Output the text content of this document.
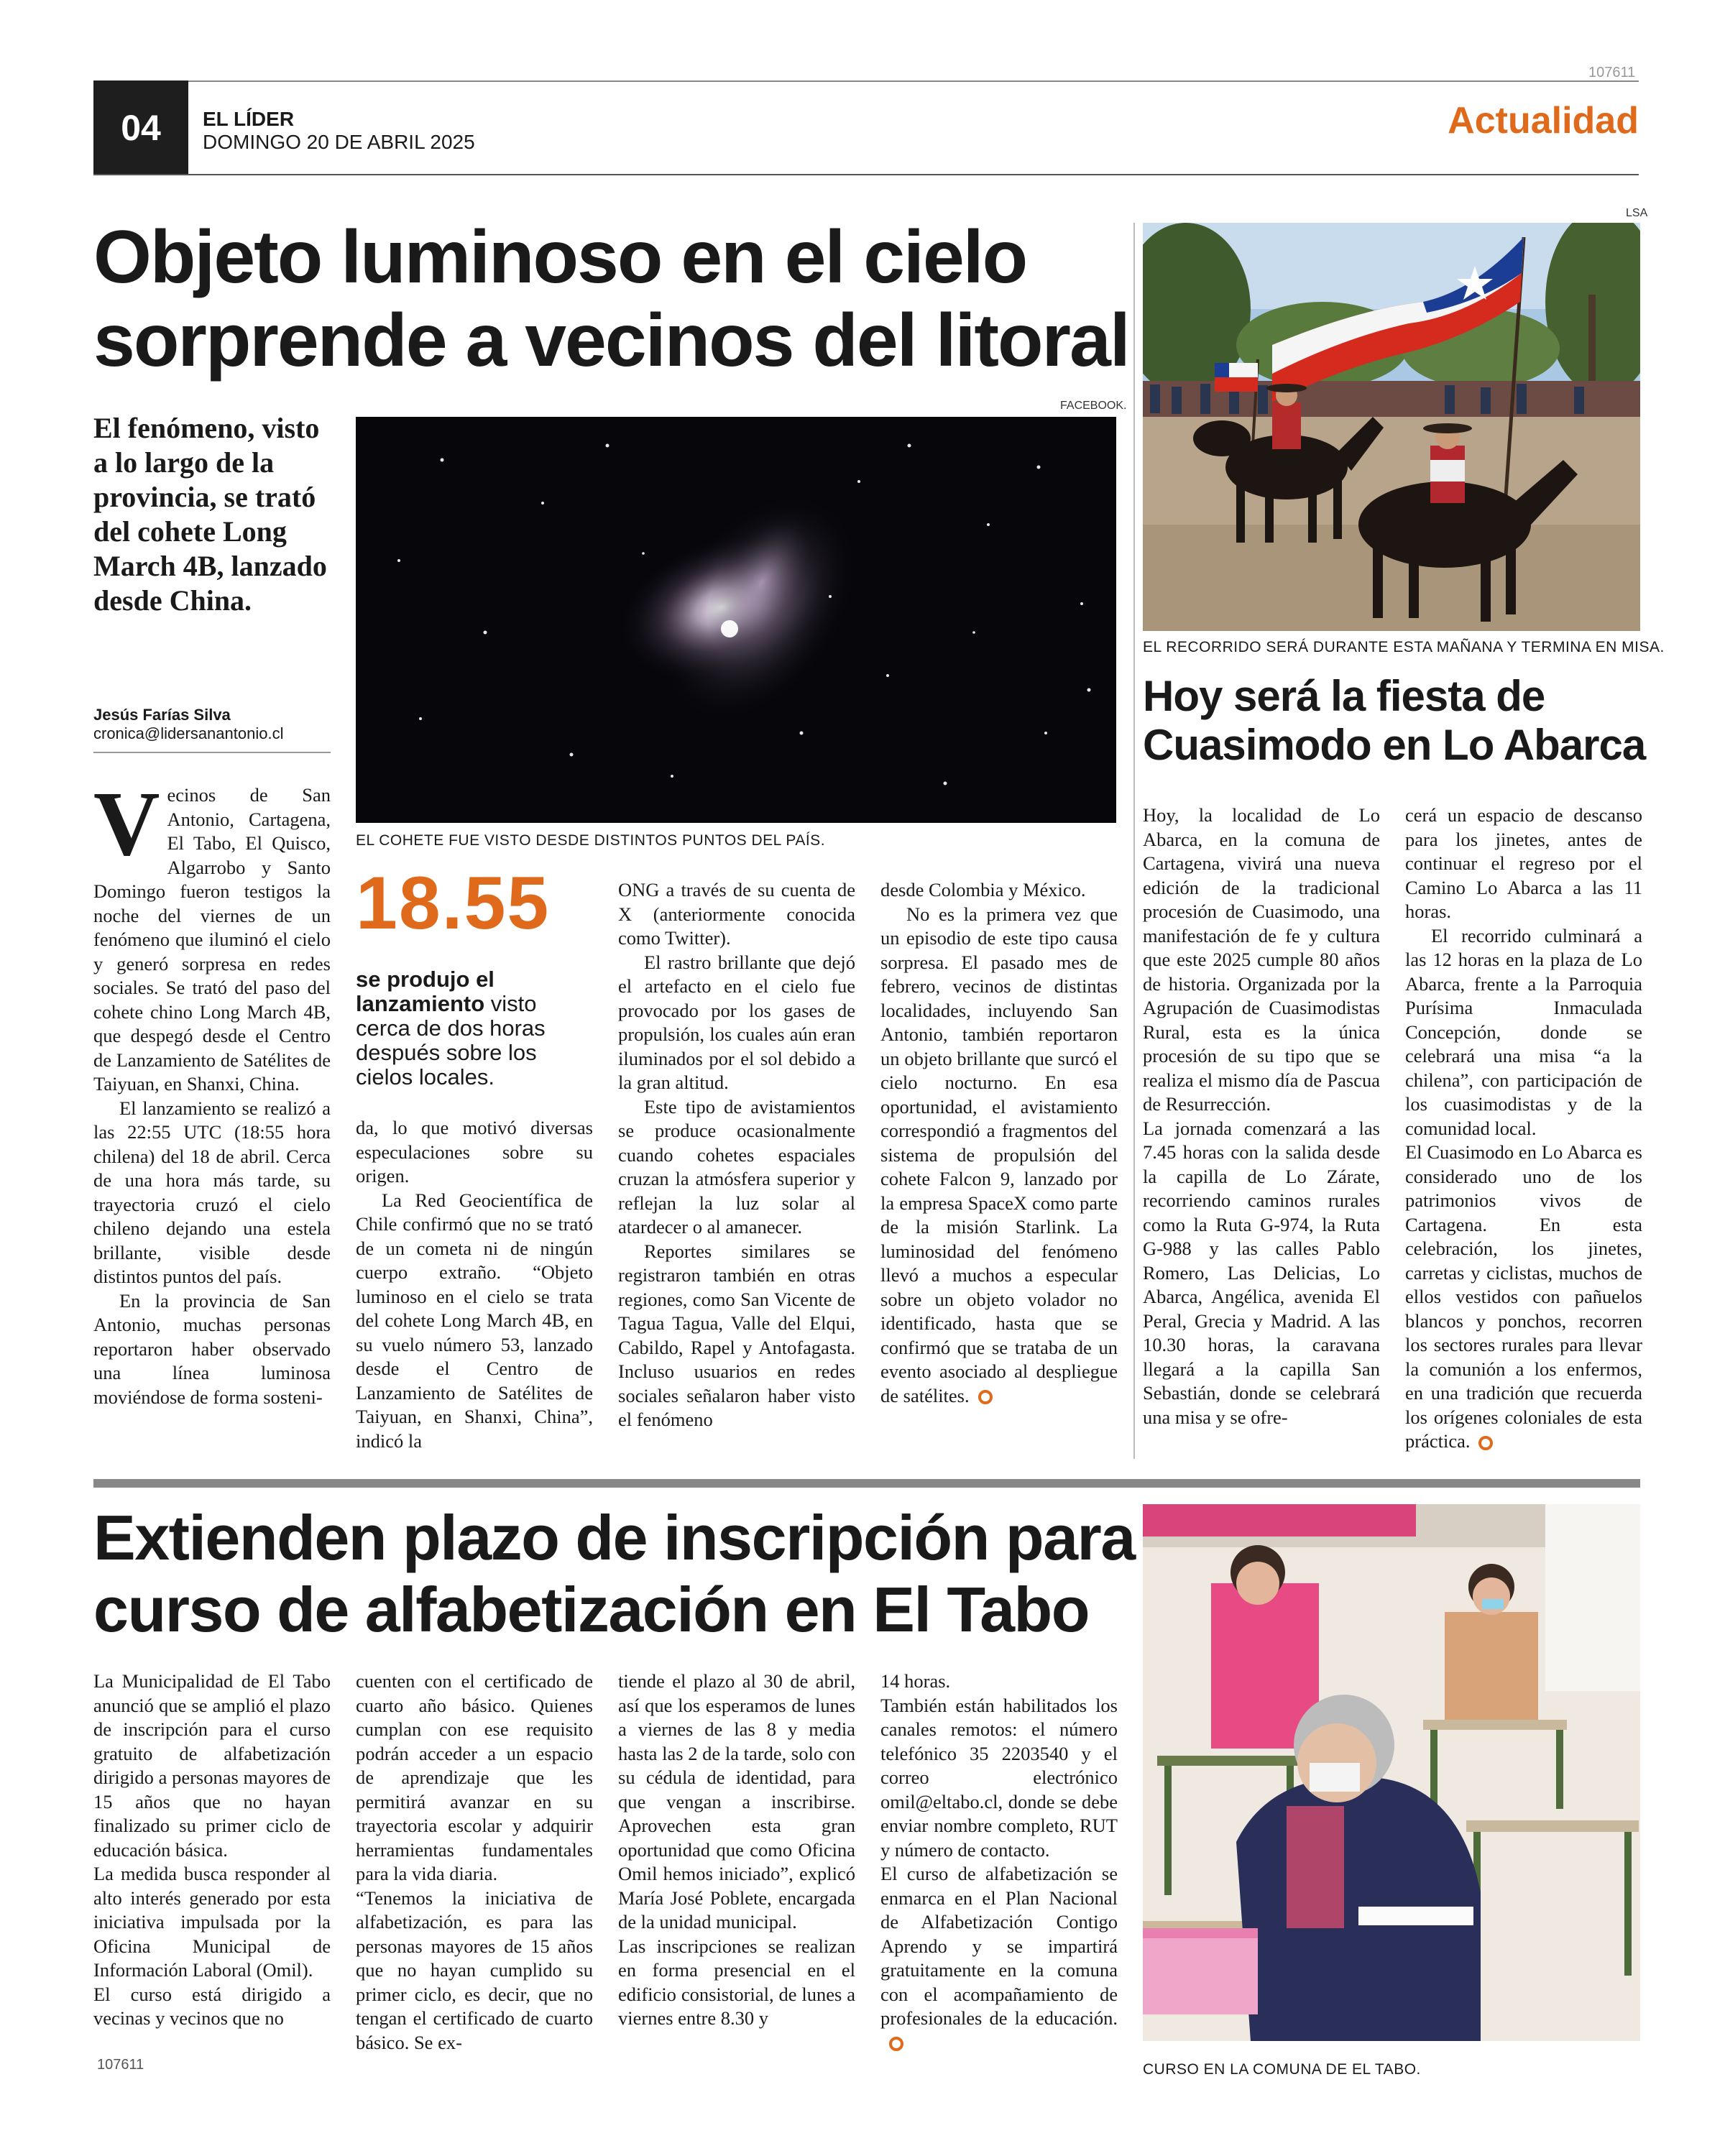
107611
04	EL LÍDER
DOMINGO 20 DE ABRIL 2025
Actualidad
Objeto luminoso en el cielo
sorprende a vecinos del litoral
El fenómeno, visto a lo largo de la provincia, se trató del cohete Long March 4B, lanzado desde China.
Jesús Farías Silva
cronica@lidersanantonio.cl
FACEBOOK.
EL COHETE FUE VISTO DESDE DISTINTOS PUNTOS DEL PAÍS.

Vecinos de San Antonio, Cartagena, El Tabo, El Quisco, Algarrobo y Santo Domingo fueron testigos la noche del viernes de un fenómeno que iluminó el cielo y generó sorpresa en redes sociales. Se trató del paso del cohete chino Long March 4B, que despegó desde el Centro de Lanzamiento de Satélites de Taiyuan, en Shanxi, China.

El lanzamiento se realizó a las 22:55 UTC (18:55 hora chilena) del 18 de abril. Cerca de una hora más tarde, su trayectoria cruzó el cielo chileno dejando una estela brillante, visible desde distintos puntos del país.

En la provincia de San Antonio, muchas personas reportaron haber observado una línea luminosa moviéndose de forma sosteni-

18.55
se produjo el lanzamiento visto cerca de dos horas después sobre los cielos locales.

da, lo que motivó diversas especulaciones sobre su origen.

La Red Geocientífica de Chile confirmó que no se trató de un cometa ni de ningún cuerpo extraño. “Objeto luminoso en el cielo se trata del cohete Long March 4B, en su vuelo número 53, lanzado desde el Centro de Lanzamiento de Satélites de Taiyuan, en Shanxi, China”, indicó la

ONG a través de su cuenta de X (anteriormente conocida como Twitter).

El rastro brillante que dejó el artefacto en el cielo fue provocado por los gases de propulsión, los cuales aún eran iluminados por el sol debido a la gran altitud.

Este tipo de avistamientos se produce ocasionalmente cuando cohetes espaciales cruzan la atmósfera superior y reflejan la luz solar al atardecer o al amanecer.

Reportes similares se registraron también en otras regiones, como San Vicente de Tagua Tagua, Valle del Elqui, Cabildo, Rapel y Antofagasta. Incluso usuarios en redes sociales señalaron haber visto el fenómeno

desde Colombia y México.

No es la primera vez que un episodio de este tipo causa sorpresa. El pasado mes de febrero, vecinos de distintas localidades, incluyendo San Antonio, también reportaron un objeto brillante que surcó el cielo nocturno. En esa oportunidad, el avistamiento correspondió a fragmentos del sistema de propulsión del cohete Falcon 9, lanzado por la empresa SpaceX como parte de la misión Starlink. La luminosidad del fenómeno llevó a muchos a especular sobre un objeto volador no identificado, hasta que se confirmó que se trataba de un evento asociado al despliegue de satélites.

LSA
EL RECORRIDO SERÁ DURANTE ESTA MAÑANA Y TERMINA EN MISA.
Hoy será la fiesta de
Cuasimodo en Lo Abarca

Hoy, la localidad de Lo Abarca, en la comuna de Cartagena, vivirá una nueva edición de la tradicional procesión de Cuasimodo, una manifestación de fe y cultura que este 2025 cumple 80 años de historia. Organizada por la Agrupación de Cuasimodistas Rural, esta es la única procesión de su tipo que se realiza el mismo día de Pascua de Resurrección.

La jornada comenzará a las 7.45 horas con la salida desde la capilla de Lo Zárate, recorriendo caminos rurales como la Ruta G-974, la Ruta G-988 y las calles Pablo Romero, Las Delicias, Lo Abarca, Angélica, avenida El Peral, Grecia y Madrid. A las 10.30 horas, la caravana llegará a la capilla San Sebastián, donde se celebrará una misa y se ofre-

cerá un espacio de descanso para los jinetes, antes de continuar el regreso por el Camino Lo Abarca a las 11 horas.

El recorrido culminará a las 12 horas en la plaza de Lo Abarca, frente a la Parroquia Purísima Inmaculada Concepción, donde se celebrará una misa “a la chilena”, con participación de los cuasimodistas y de la comunidad local.

El Cuasimodo en Lo Abarca es considerado uno de los patrimonios vivos de Cartagena. En esta celebración, los jinetes, carretas y ciclistas, muchos de ellos vestidos con pañuelos blancos y ponchos, recorren los sectores rurales para llevar la comunión a los enfermos, en una tradición que recuerda los orígenes coloniales de esta práctica.

Extienden plazo de inscripción para
curso de alfabetización en El Tabo

La Municipalidad de El Tabo anunció que se amplió el plazo de inscripción para el curso gratuito de alfabetización dirigido a personas mayores de 15 años que no hayan finalizado su primer ciclo de educación básica.

La medida busca responder al alto interés generado por esta iniciativa impulsada por la Oficina Municipal de Información Laboral (Omil).

El curso está dirigido a vecinas y vecinos que no

cuenten con el certificado de cuarto año básico. Quienes cumplan con ese requisito podrán acceder a un espacio de aprendizaje que les permitirá avanzar en su trayectoria escolar y adquirir herramientas fundamentales para la vida diaria.

“Tenemos la iniciativa de alfabetización, es para las personas mayores de 15 años que no hayan cumplido su primer ciclo, es decir, que no tengan el certificado de cuarto básico. Se ex-

tiende el plazo al 30 de abril, así que los esperamos de lunes a viernes de las 8 y media hasta las 2 de la tarde, solo con su cédula de identidad, para que vengan a inscribirse. Aprovechen esta gran oportunidad que como Oficina Omil hemos iniciado”, explicó María José Poblete, encargada de la unidad municipal.

Las inscripciones se realizan en forma presencial en el edificio consistorial, de lunes a viernes entre 8.30 y

14 horas.

También están habilitados los canales remotos: el número telefónico 35 2203540 y el correo electrónico omil@eltabo.cl, donde se debe enviar nombre completo, RUT y número de contacto.

El curso de alfabetización se enmarca en el Plan Nacional de Alfabetización Contigo Aprendo y se impartirá gratuitamente en la comuna con el acompañamiento de profesionales de la educación.

CURSO EN LA COMUNA DE EL TABO.
107611
